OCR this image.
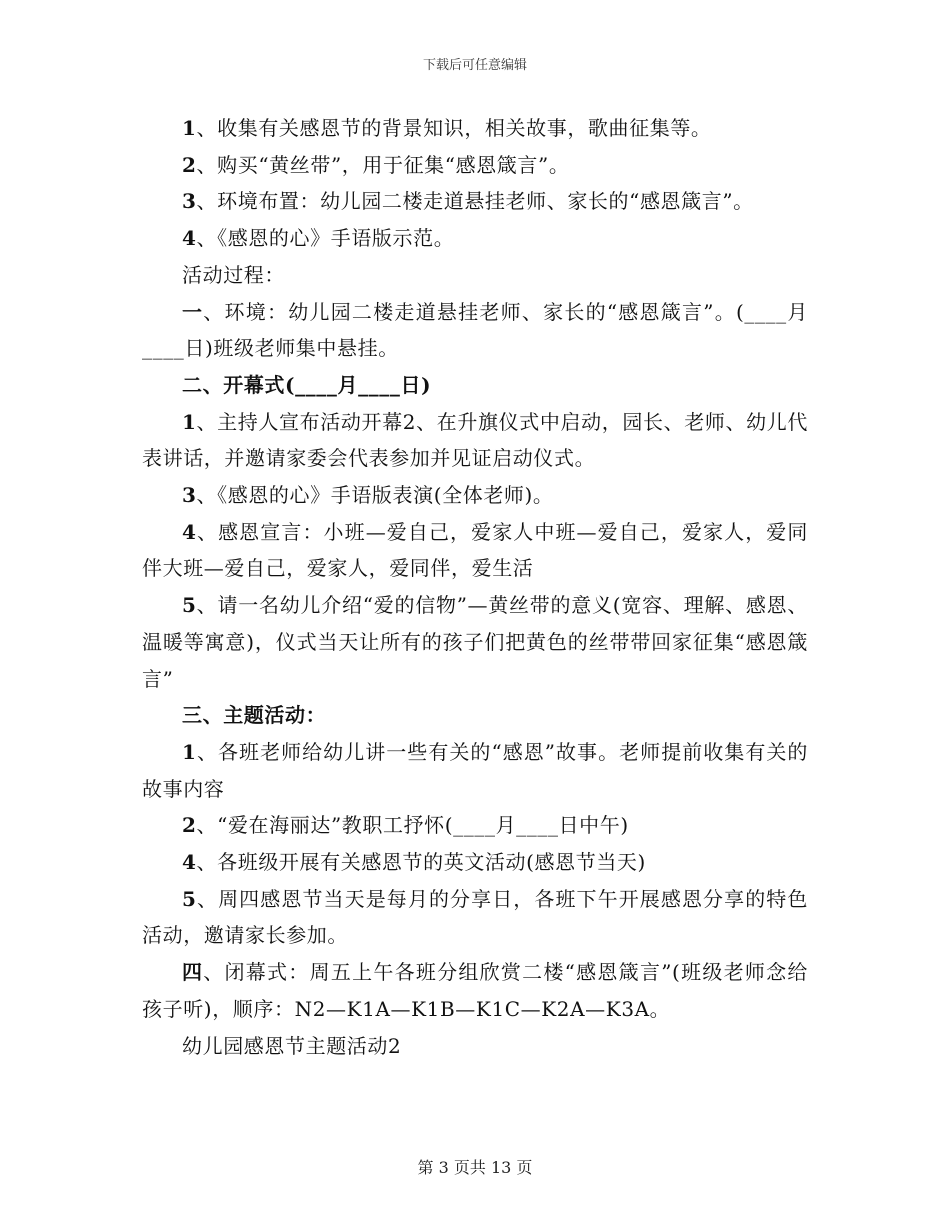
下载后可任意编辑

1、收集有关感恩节的背景知识，相关故事，歌曲征集等。

2、购买“黄丝带”，用于征集“感恩箴言”。

3、环境布置：幼儿园二楼走道悬挂老师、家长的“感恩箴言”。

4、《感恩的心》手语版示范。

活动过程：

一、环境：幼儿园二楼走道悬挂老师、家长的“感恩箴言”。(____月____日)班级老师集中悬挂。

二、开幕式(____月____日)

1、主持人宣布活动开幕2、在升旗仪式中启动，园长、老师、幼儿代表讲话，并邀请家委会代表参加并见证启动仪式。

3、《感恩的心》手语版表演(全体老师)。

4、感恩宣言：小班—爱自己，爱家人中班—爱自己，爱家人，爱同伴大班—爱自己，爱家人，爱同伴，爱生活

5、请一名幼儿介绍“爱的信物”—黄丝带的意义(宽容、理解、感恩、温暖等寓意)，仪式当天让所有的孩子们把黄色的丝带带回家征集“感恩箴言”

三、主题活动：

1、各班老师给幼儿讲一些有关的“感恩”故事。老师提前收集有关的故事内容

2、“爱在海丽达”教职工抒怀(____月____日中午)

4、各班级开展有关感恩节的英文活动(感恩节当天)

5、周四感恩节当天是每月的分享日，各班下午开展感恩分享的特色活动，邀请家长参加。

四、闭幕式：周五上午各班分组欣赏二楼“感恩箴言”(班级老师念给孩子听)，顺序：N2—K1A—K1B—K1C—K2A—K3A。

幼儿园感恩节主题活动2

第 3 页共 13 页
